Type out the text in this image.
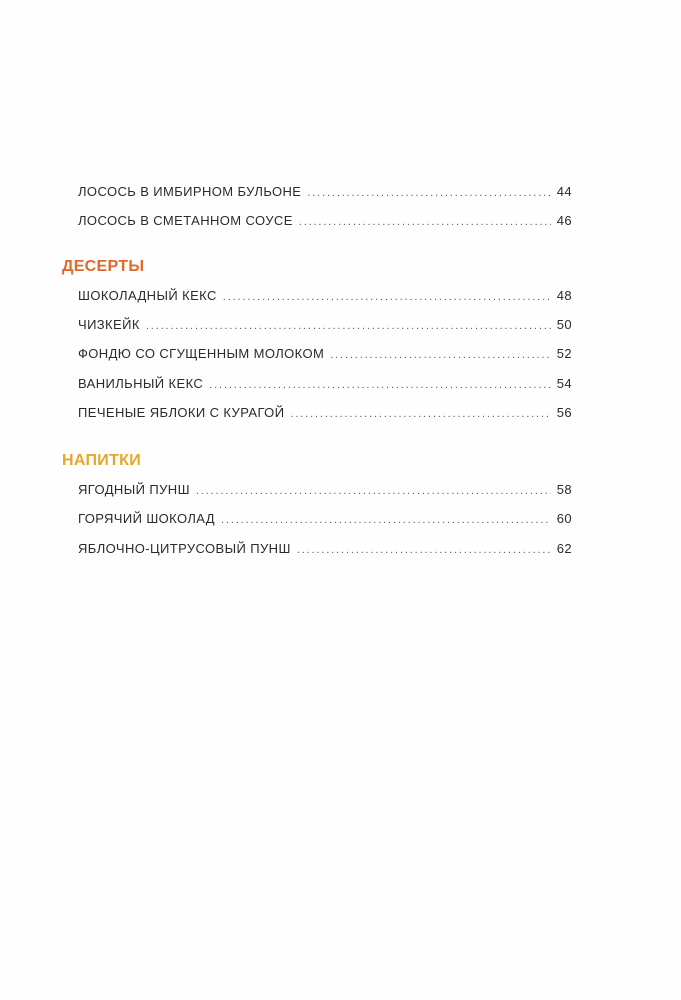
ЛОСОСЬ В ИМБИРНОМ БУЛЬОНЕ . . .	44
ЛОСОСЬ В СМЕТАННОМ СОУСЕ . . .	46
ДЕСЕРТЫ
ШОКОЛАДНЫЙ КЕКС . . .	48
ЧИЗКЕЙК . . .	50
ФОНДЮ СО СГУЩЕННЫМ МОЛОКОМ . . .	52
ВАНИЛЬНЫЙ КЕКС . . .	54
ПЕЧЕНЫЕ ЯБЛОКИ С КУРАГОЙ . . .	56
НАПИТКИ
ЯГОДНЫЙ ПУНШ . . .	58
ГОРЯЧИЙ ШОКОЛАД . . .	60
ЯБЛОЧНО-ЦИТРУСОВЫЙ ПУНШ . . .	62
